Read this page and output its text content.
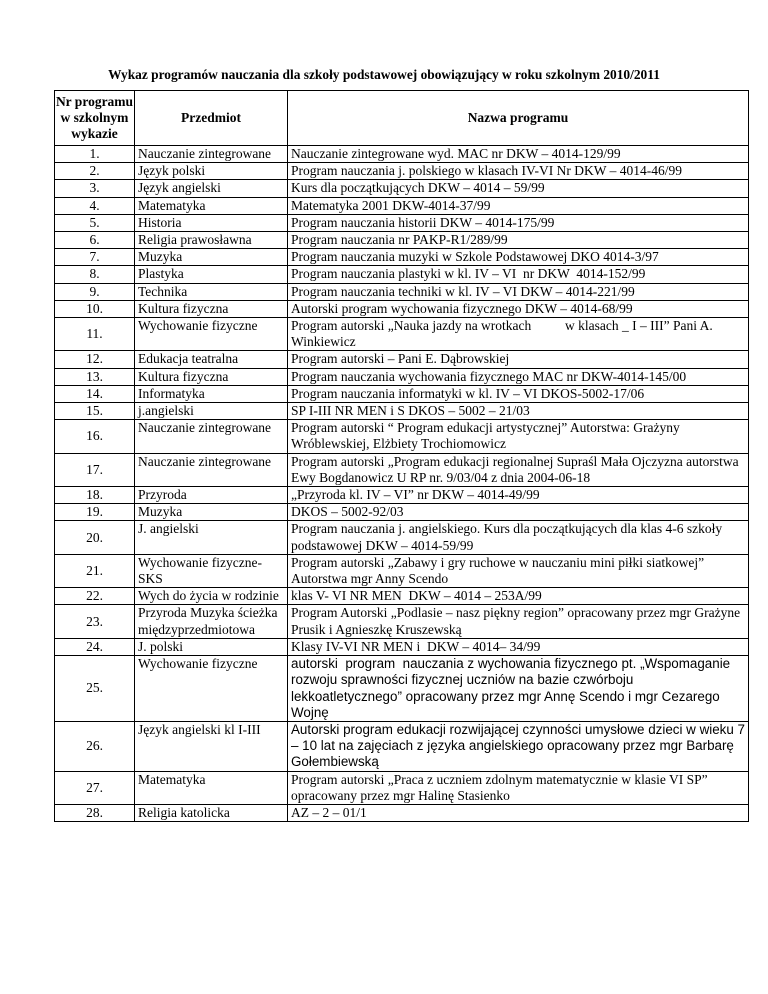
Wykaz programów nauczania dla szkoły podstawowej obowiązujący w roku szkolnym 2010/2011
Nr programu w szkolnym wykazie	Przedmiot	Nazwa programu
1.	Nauczanie zintegrowane	Nauczanie zintegrowane wyd. MAC nr DKW – 4014-129/99
2.	Język polski	Program nauczania j. polskiego w klasach IV-VI Nr DKW – 4014-46/99
3.	Język angielski	Kurs dla początkujących DKW – 4014 – 59/99
4.	Matematyka	Matematyka 2001 DKW-4014-37/99
5.	Historia	Program nauczania historii DKW – 4014-175/99
6.	Religia prawosławna	Program nauczania nr PAKP-R1/289/99
7.	Muzyka	Program nauczania muzyki w Szkole Podstawowej DKO 4014-3/97
8.	Plastyka	Program nauczania plastyki w kl. IV – VI  nr DKW  4014-152/99
9.	Technika	Program nauczania techniki w kl. IV – VI DKW – 4014-221/99
10.	Kultura fizyczna	Autorski program wychowania fizycznego DKW – 4014-68/99
11.	Wychowanie fizyczne	Program autorski „Nauka jazdy na wrotkach          w klasach _ I – III” Pani A. Winkiewicz
12.	Edukacja teatralna	Program autorski – Pani E. Dąbrowskiej
13.	Kultura fizyczna	Program nauczania wychowania fizycznego MAC nr DKW-4014-145/00
14.	Informatyka	Program nauczania informatyki w kl. IV – VI DKOS-5002-17/06
15.	j.angielski	SP I-III NR MEN i S DKOS – 5002 – 21/03
16.	Nauczanie zintegrowane	Program autorski “ Program edukacji artystycznej” Autorstwa: Grażyny Wróblewskiej, Elżbiety Trochiomowicz
17.	Nauczanie zintegrowane	Program autorski „Program edukacji regionalnej Supraśl Mała Ojczyzna autorstwa Ewy Bogdanowicz U RP nr. 9/03/04 z dnia 2004-06-18
18.	Przyroda	„Przyroda kl. IV – VI” nr DKW – 4014-49/99
19.	Muzyka	DKOS – 5002-92/03
20.	J. angielski	Program nauczania j. angielskiego. Kurs dla początkujących dla klas 4-6 szkoły podstawowej DKW – 4014-59/99
21.	Wychowanie fizyczne- SKS	Program autorski „Zabawy i gry ruchowe w nauczaniu mini piłki siatkowej” Autorstwa mgr Anny Scendo
22.	Wych do życia w rodzinie	klas V- VI NR MEN  DKW – 4014 – 253A/99
23.	Przyroda Muzyka ścieżka międzyprzedmiotowa	Program Autorski „Podlasie – nasz piękny region” opracowany przez mgr Grażyne Prusik i Agnieszkę Kruszewską
24.	J. polski	Klasy IV-VI NR MEN i  DKW – 4014– 34/99
25.	Wychowanie fizyczne	autorski  program  nauczania z wychowania fizycznego pt. „Wspomaganie rozwoju sprawności fizycznej uczniów na bazie czwórboju lekkoatletycznego” opracowany przez mgr Annę Scendo i mgr Cezarego Wojnę
26.	Język angielski kl I-III	Autorski program edukacji rozwijającej czynności umysłowe dzieci w wieku 7 – 10 lat na zajęciach z języka angielskiego opracowany przez mgr Barbarę Gołembiewską
27.	Matematyka	Program autorski „Praca z uczniem zdolnym matematycznie w klasie VI SP” opracowany przez mgr Halinę Stasienko
28.	Religia katolicka	AZ – 2 – 01/1
